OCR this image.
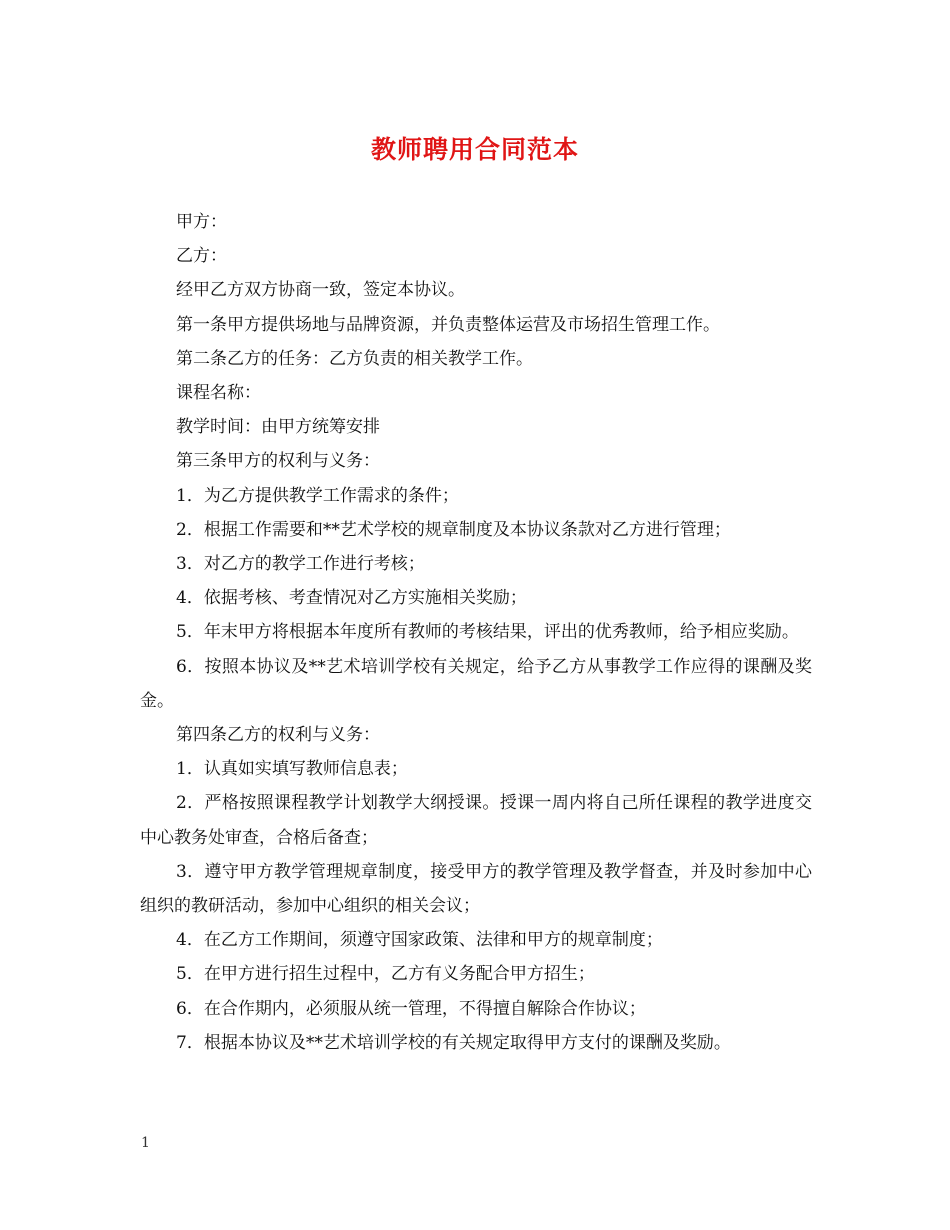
教师聘用合同范本

甲方：

乙方：

经甲乙方双方协商一致，签定本协议。

第一条甲方提供场地与品牌资源，并负责整体运营及市场招生管理工作。

第二条乙方的任务：乙方负责的相关教学工作。

课程名称：

教学时间：由甲方统筹安排

第三条甲方的权利与义务：

1．为乙方提供教学工作需求的条件；

2．根据工作需要和**艺术学校的规章制度及本协议条款对乙方进行管理；

3．对乙方的教学工作进行考核；

4．依据考核、考查情况对乙方实施相关奖励；

5．年末甲方将根据本年度所有教师的考核结果，评出的优秀教师，给予相应奖励。

6．按照本协议及**艺术培训学校有关规定，给予乙方从事教学工作应得的课酬及奖金。

第四条乙方的权利与义务：

1．认真如实填写教师信息表；

2．严格按照课程教学计划教学大纲授课。授课一周内将自己所任课程的教学进度交中心教务处审查，合格后备查；

3．遵守甲方教学管理规章制度，接受甲方的教学管理及教学督查，并及时参加中心组织的教研活动，参加中心组织的相关会议；

4．在乙方工作期间，须遵守国家政策、法律和甲方的规章制度；

5．在甲方进行招生过程中，乙方有义务配合甲方招生；

6．在合作期内，必须服从统一管理，不得擅自解除合作协议；

7．根据本协议及**艺术培训学校的有关规定取得甲方支付的课酬及奖励。

1
